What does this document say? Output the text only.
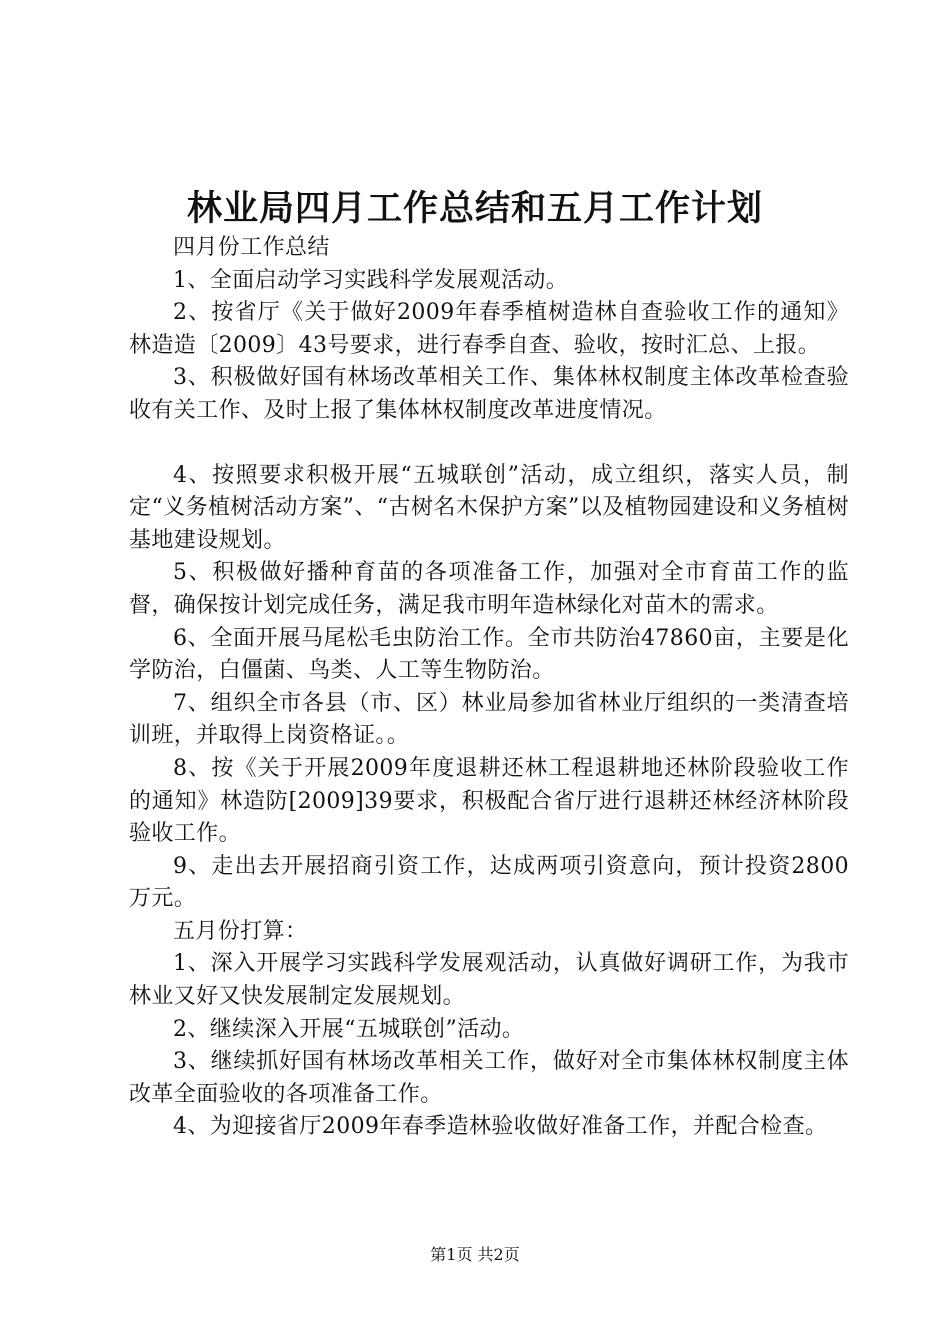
林业局四月工作总结和五月工作计划

四月份工作总结

1、全面启动学习实践科学发展观活动。

2、按省厅《关于做好2009年春季植树造林自查验收工作的通知》林造造〔2009〕43号要求，进行春季自查、验收，按时汇总、上报。

3、积极做好国有林场改革相关工作、集体林权制度主体改革检查验收有关工作、及时上报了集体林权制度改革进度情况。

4、按照要求积极开展“五城联创”活动，成立组织，落实人员，制定“义务植树活动方案”、“古树名木保护方案”以及植物园建设和义务植树基地建设规划。

5、积极做好播种育苗的各项准备工作，加强对全市育苗工作的监督，确保按计划完成任务，满足我市明年造林绿化对苗木的需求。

6、全面开展马尾松毛虫防治工作。全市共防治47860亩，主要是化学防治，白僵菌、鸟类、人工等生物防治。

7、组织全市各县（市、区）林业局参加省林业厅组织的一类清查培训班，并取得上岗资格证。。

8、按《关于开展2009年度退耕还林工程退耕地还林阶段验收工作的通知》林造防[2009]39要求，积极配合省厅进行退耕还林经济林阶段验收工作。

9、走出去开展招商引资工作，达成两项引资意向，预计投资2800万元。

五月份打算：

1、深入开展学习实践科学发展观活动，认真做好调研工作，为我市林业又好又快发展制定发展规划。

2、继续深入开展“五城联创”活动。

3、继续抓好国有林场改革相关工作，做好对全市集体林权制度主体改革全面验收的各项准备工作。

4、为迎接省厅2009年春季造林验收做好准备工作，并配合检查。

第1页 共2页
